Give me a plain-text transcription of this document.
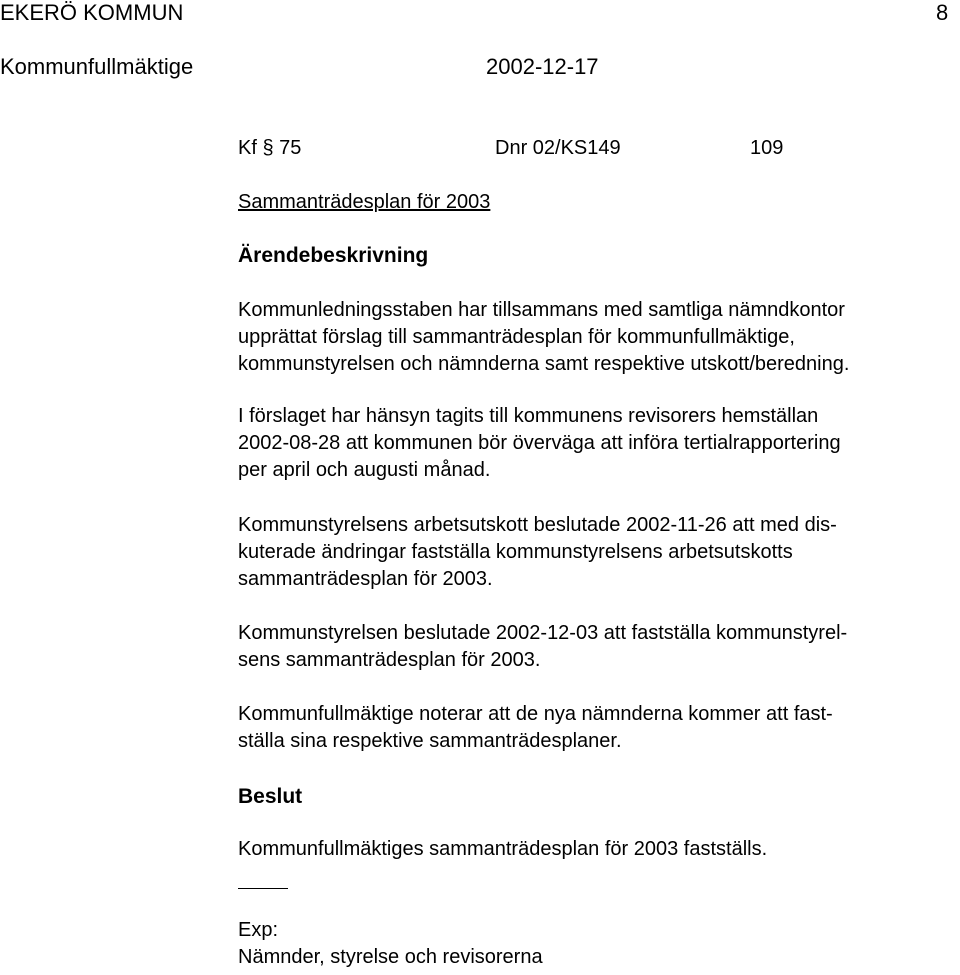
EKERÖ KOMMUN	8
Kommunfullmäktige	2002-12-17
Kf § 75	Dnr 02/KS149	109
Sammanträdesplan för 2003
Ärendebeskrivning
Kommunledningsstaben har tillsammans med samtliga nämndkontor
upprättat förslag till sammanträdesplan för kommunfullmäktige,
kommunstyrelsen och nämnderna samt respektive utskott/beredning.
I förslaget har hänsyn tagits till kommunens revisorers hemställan
2002-08-28 att kommunen bör överväga att införa tertialrapportering
per april och augusti månad.
Kommunstyrelsens arbetsutskott beslutade 2002-11-26 att med dis-
kuterade ändringar fastställa kommunstyrelsens arbetsutskotts
sammanträdesplan för 2003.
Kommunstyrelsen beslutade 2002-12-03 att fastställa kommunstyrel-
sens sammanträdesplan för 2003.
Kommunfullmäktige noterar att de nya nämnderna kommer att fast-
ställa sina respektive sammanträdesplaner.
Beslut
Kommunfullmäktiges sammanträdesplan för 2003 fastställs.
Exp:
Nämnder, styrelse och revisorerna
